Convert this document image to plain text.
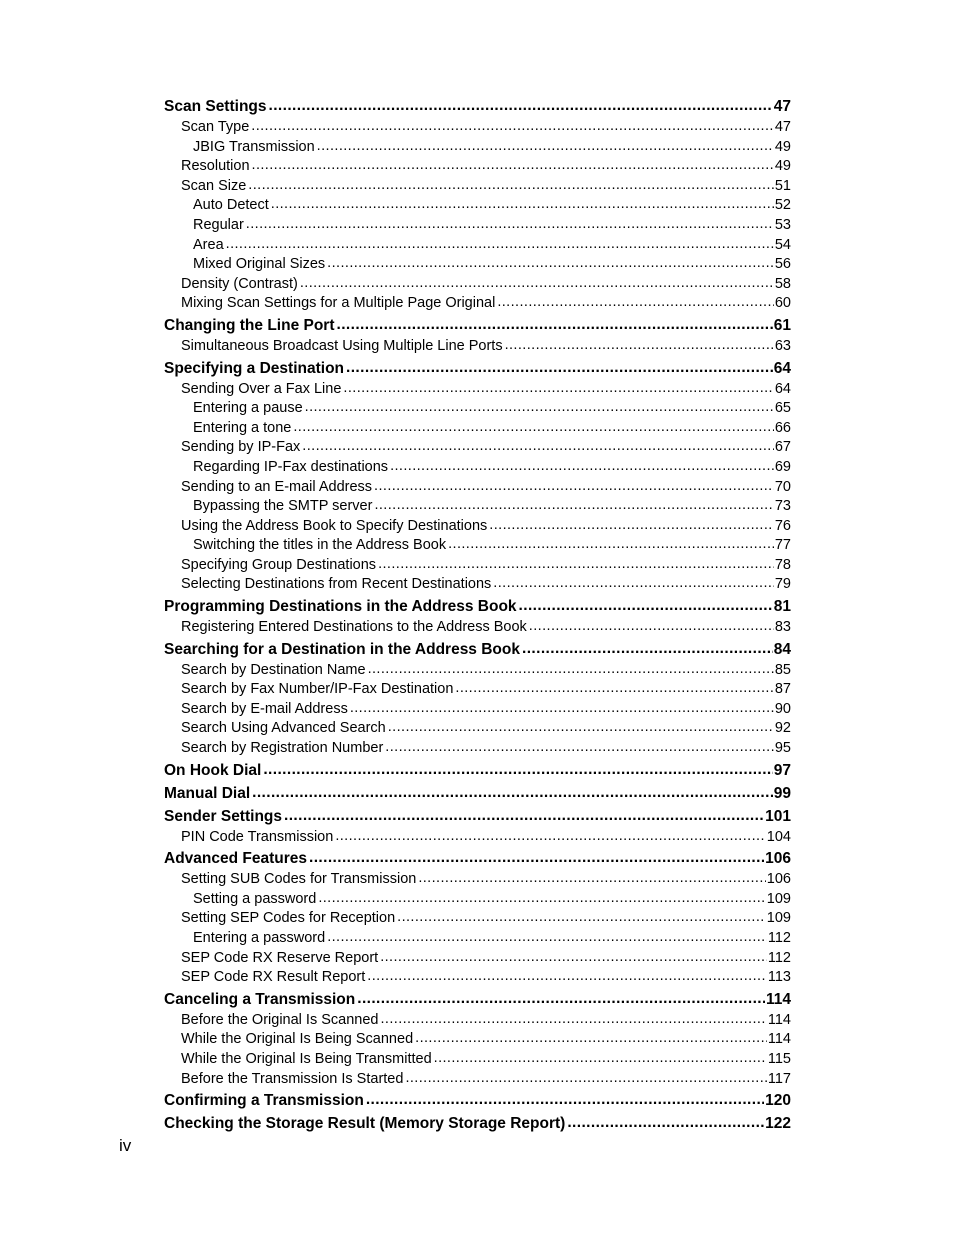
Scan Settings .....	47
Scan Type .....	47
JBIG Transmission .....	49
Resolution .....	49
Scan Size .....	51
Auto Detect .....	52
Regular .....	53
Area .....	54
Mixed Original Sizes .....	56
Density (Contrast) .....	58
Mixing Scan Settings for a Multiple Page Original .....	60
Changing the Line Port .....	61
Simultaneous Broadcast Using Multiple Line Ports .....	63
Specifying a Destination .....	64
Sending Over a Fax Line .....	64
Entering a pause .....	65
Entering a tone .....	66
Sending by IP-Fax .....	67
Regarding IP-Fax destinations .....	69
Sending to an E-mail Address .....	70
Bypassing the SMTP server .....	73
Using the Address Book to Specify Destinations .....	76
Switching the titles in the Address Book .....	77
Specifying Group Destinations .....	78
Selecting Destinations from Recent Destinations .....	79
Programming Destinations in the Address Book .....	81
Registering Entered Destinations to the Address Book .....	83
Searching for a Destination in the Address Book .....	84
Search by Destination Name .....	85
Search by Fax Number/IP-Fax Destination .....	87
Search by E-mail Address .....	90
Search Using Advanced Search .....	92
Search by Registration Number .....	95
On Hook Dial .....	97
Manual Dial .....	99
Sender Settings .....	101
PIN Code Transmission .....	104
Advanced Features .....	106
Setting SUB Codes for Transmission .....	106
Setting a password .....	109
Setting SEP Codes for Reception .....	109
Entering a password .....	112
SEP Code RX Reserve Report .....	112
SEP Code RX Result Report .....	113
Canceling a Transmission .....	114
Before the Original Is Scanned .....	114
While the Original Is Being Scanned .....	114
While the Original Is Being Transmitted .....	115
Before the Transmission Is Started .....	117
Confirming a Transmission .....	120
Checking the Storage Result (Memory Storage Report) .....	122
iv
